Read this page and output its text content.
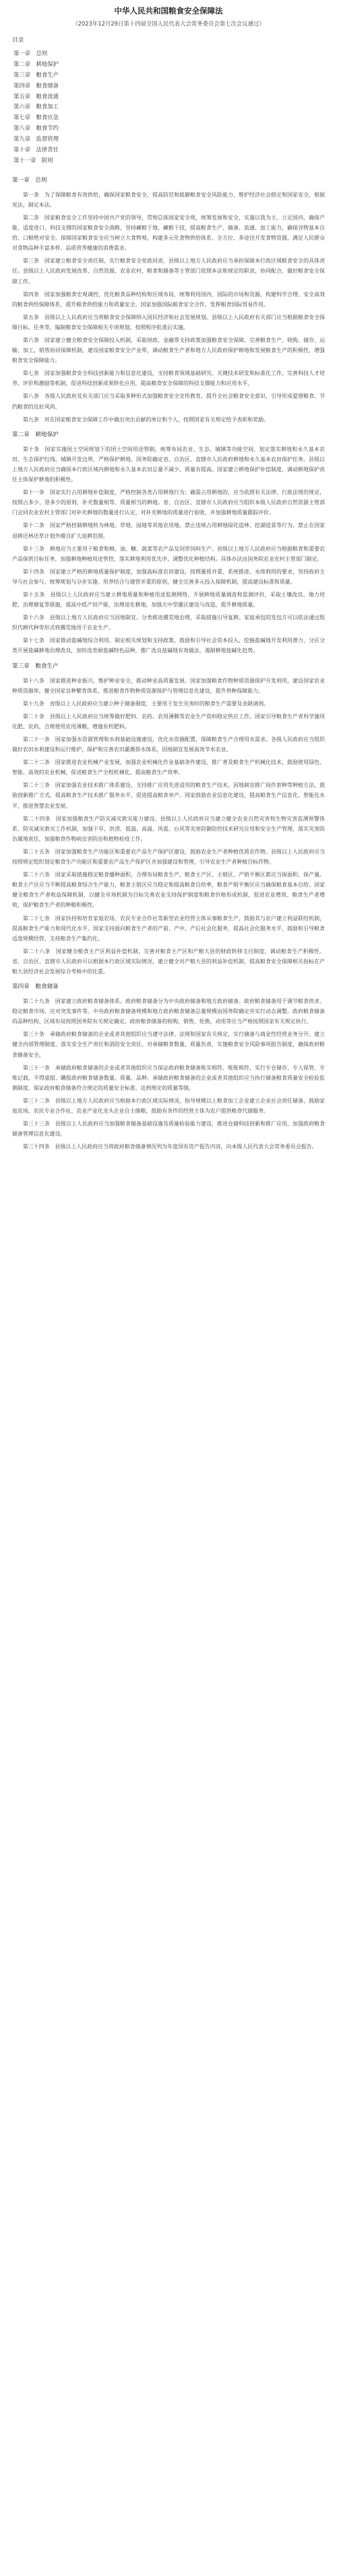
中华人民共和国粮食安全保障法
（2023年12月29日第十四届全国人民代表大会常务委员会第七次会议通过）
目录
第一章　总则
第二章　耕地保护
第三章　粮食生产
第四章　粮食储备
第五章　粮食流通
第六章　粮食加工
第七章　粮食应急
第八章　粮食节约
第九章　监督管理
第十章　法律责任
第十一章　附则
第一章　总则

第一条　 为了保障粮食有效供给，确保国家粮食安全，提高防范和抵御粮食安全风险能力，维护经济社会稳定和国家安全，根据宪法，制定本法。

第二条　 国家粮食安全工作坚持中国共产党的领导，贯彻总体国家安全观，统筹发展和安全，实施以我为主、立足国内、确保产能、适度进口、科技支撑的国家粮食安全战略，坚持藏粮于地、藏粮于技，提高粮食生产、储备、流通、加工能力，确保谷物基本自给、口粮绝对安全。保障国家粮食安全应当树立大食物观，构建多元化食物供给体系，全方位、多途径开发食物资源，满足人民群众对食物品种丰富多样、品质营养健康的消费需求。

第三条　 国家建立粮食安全责任制，实行粮食安全党政同责。县级以上地方人民政府应当承担保障本行政区域粮食安全的具体责任。县级以上人民政府发展改革、自然资源、农业农村、粮食和储备等主管部门依照本法和规定的职责，协同配合，做好粮食安全保障工作。

第四条　 国家加强粮食宏观调控，优化粮食品种结构和区域布局，统筹利用国内、国际的市场和资源，构建科学合理、安全高效的粮食供给保障体系，提升粮食供给能力和质量安全。国家加强国际粮食安全合作，发挥粮食国际贸易作用。

第五条　 县级以上人民政府应当将粮食安全保障纳入国民经济和社会发展规划。县级以上人民政府有关部门应当根据粮食安全保障目标、任务等，编制粮食安全保障相关专项规划，按照程序批准后实施。

第六条　 国家建立健全粮食安全保障投入机制，采取财政、金融等支持政策加强粮食安全保障，完善粮食生产、收购、储存、运输、加工、销售协同保障机制，建设国家粮食安全产业带，调动粮食生产者和地方人民政府保护耕地和发展粮食生产的积极性，增强粮食安全保障能力。

第七条　 国家加强粮食安全科技创新能力和信息化建设，支持粮食领域基础研究、关键技术研发和标准化工作，完善科技人才培养、评价和激励等机制，促进科技创新成果转化应用，提高粮食安全保障的科技支撑能力和应用水平。

第八条　 各级人民政府及有关部门应当采取多种形式加强粮食安全宣传教育，提升全社会粮食安全意识，引导形成爱惜粮食、节约粮食的良好风尚。

第九条　 对在国家粮食安全保障工作中做出突出贡献的单位和个人，按照国家有关规定给予表彰和奖励。

第二章　耕地保护

第十条　 国家实施国土空间规划下的国土空间用途管制，统筹布局农业、生态、城镇等功能空间，划定落实耕地和永久基本农田、生态保护红线、城镇开发边界，严格保护耕地。国务院确定省、自治区、直辖市人民政府耕地和永久基本农田保护任务。县级以上地方人民政府应当确保本行政区域内耕地和永久基本农田总量不减少、质量有提高。国家建立耕地保护补偿制度，调动耕地保护责任主体保护耕地的积极性。

第十一条　 国家实行占用耕地补偿制度，严格控制各类占用耕地行为；确需占用耕地的，应当依照有关法律、行政法规的规定，按照占多少、垦多少的原则，补充数量相等、质量相当的耕地。省、自治区、直辖市人民政府应当组织本级人民政府自然资源主管部门会同农业农村主管部门对补充耕地的数量进行认定、对补充耕地的质量进行验收，并加强耕地质量跟踪评价。

第十二条　 国家严格控制耕地转为林地、草地、园地等其他农用地。禁止违规占用耕地绿化造林、挖湖造景等行为。禁止在国家退耕还林还草计划外擅自扩大退耕范围。

第十三条　 耕地应当主要用于粮食和棉、油、糖、蔬菜等农产品及饲草饲料生产。县级以上地方人民政府应当根据粮食和重要农产品保供目标任务，加强耕地种植用途管控，落实耕地利用优先序，调整优化种植结构。具体办法由国务院农业农村主管部门制定。

第十四条　 国家建立严格的耕地质量保护制度，加强高标准农田建设，按照量质并重、系统推进、永续利用的要求，坚持政府主导与社会参与、统筹规划与分步实施、用养结合与建管并重的原则，健全完善多元投入保障机制，提高建设标准和质量。

第十五条　 县级以上人民政府应当建立耕地质量和种植用途监测网络，开展耕地质量调查和监测评价，采取土壤改良、地力培肥、治理修复等措施，提高中低产田产能，治理退化耕地，加强大中型灌区建设与改造，提升耕地质量。

第十六条　 县级以上地方人民政府应当因地制宜、分类推进撂荒地治理，采取措施引导复耕。家庭承包的发包方可以依法通过组织代耕代种等形式将撂荒地用于农业生产。

第十七条　 国家推动盐碱地综合利用，制定相关规划和支持政策，鼓励和引导社会资本投入，挖掘盐碱地开发利用潜力，分区分类开展盐碱耕地治理改良，加快选育耐盐碱特色品种，推广改良盐碱地有效做法，遏制耕地盐碱化趋势。

第三章　粮食生产

第十八条　 国家推进种业振兴，维护种业安全，推动种业高质量发展。国家加强粮食作物种质资源保护开发利用，建设国家农业种质资源库，健全国家良种繁育体系，推进粮食作物种质资源保护与管理信息化建设，提升供种保障能力。

第十九条　 省级以上人民政府应当建立种子储备制度，主要用于发生灾害时的粮食生产需要及余缺调剂。

第二十条　 县级以上人民政府应当统筹做好肥料、农药、农用薄膜等农业生产资料稳定供应工作。国家引导粮食生产者科学施用化肥、农药，合理使用农用薄膜，增施有机肥料。

第二十一条　 国家加强水资源管理和水利基础设施建设，优化水资源配置，保障粮食生产合理用水需求。各级人民政府应当组织做好农田水利建设和运行维护，保护和完善农田灌溉排水体系，因地制宜发展高效节水农业。

第二十二条　 国家推进农业机械产业发展，加强农业机械化作业基础条件建设，推广普及粮食生产机械化技术，鼓励使用绿色、智能、高效的农业机械，促进粮食生产全程机械化，提高粮食生产效率。

第二十三条　 国家加强农业技术推广体系建设，支持推广应用先进适用的粮食生产技术，因地制宜推广间作套种等种植方法，鼓励创新推广方式，提高粮食生产技术推广服务水平，促进提高粮食单产。国家鼓励农业信息化建设，提高粮食生产信息化、智能化水平，推进智慧农业发展。

第二十四条　 国家加强粮食生产防灾减灾救灾能力建设。县级以上人民政府应当建立健全农业自然灾害和生物灾害监测预警体系、防灾减灾救灾工作机制，加强干旱、洪涝、低温、高温、风雹、台风等灾害防御防控技术研究应用和安全生产管理，落实灾害防治属地责任，加强粮食作物病虫害防治和植物检疫工作。

第二十五条　 国家加强粮食生产功能区和重要农产品生产保护区建设，鼓励农业生产者种植优质农作物。县级以上人民政府应当按照规定组织划定粮食生产功能区和重要农产品生产保护区并加强建设和管理，引导农业生产者种植目标作物。

第二十六条　 国家采取措施稳定粮食播种面积，合理布局粮食生产，粮食主产区、主销区、产销平衡区都应当保面积、保产量。粮食主产区应当不断提高粮食综合生产能力，粮食主销区应当稳定和提高粮食自给率，粮食产销平衡区应当确保粮食基本自给。国家健全粮食生产者收益保障机制，以健全市场机制为目标完善农业支持保护制度和粮食价格形成机制，促进农业增效、粮食生产者增收，保护粮食生产者的种粮积极性。

第二十七条　 国家扶持和培育家庭农场、农民专业合作社等新型农业经营主体从事粮食生产，鼓励其与农户建立利益联结机制，提高粮食生产能力和现代化水平。国家支持面向粮食生产者的产前、产中、产后社会化服务，提高社会化服务水平，鼓励和引导粮食适度规模经营，支持粮食生产集约化。

第二十八条　 国家健全粮食主产区利益补偿机制，完善对粮食主产区和产粮大县的财政转移支付制度，调动粮食生产积极性。省、自治区、直辖市人民政府可以根据本行政区域实际情况，建立健全对产粮大县的利益补偿机制，提高粮食安全保障相关指标在产粮大县经济社会发展综合考核中的比重。

第四章　粮食储备

第二十九条　 国家建立政府粮食储备体系。政府粮食储备分为中央政府储备和地方政府储备。政府粮食储备用于调节粮食供求、稳定粮食市场、应对突发事件等。中央政府粮食储备规模和地方政府粮食储备总量规模由国务院确定并实行动态调整。政府粮食储备的品种结构、区域布局按照国务院有关规定确定。政府粮食储备的收购、销售、轮换、动用等应当严格按照国家有关规定执行。

第三十条　 承储政府粮食储备的企业或者其他组织应当遵守法律、法规和国家有关规定，实行储备与商业性经营业务分开，建立健全内部管理制度，落实安全生产责任和消防安全责任，对承储粮食数量、质量负责，实施粮食安全风险事项报告制度，确保政府粮食储备安全。

第三十一条　 承储政府粮食储备的企业或者其他组织应当保证政府粮食储备账实相符、账账相符，实行专仓储存、专人保管、专账记载，不得虚报、瞒报政府粮食储备数量、质量、品种。承储政府粮食储备的企业或者其他组织应当执行储备粮食质量安全检验监测制度，保证政府粮食储备符合规定的质量安全标准、达到规定的质量等级。

第三十二条　 县级以上地方人民政府应当根据本行政区域实际情况，指导规模以上粮食加工企业建立企业社会责任储备，鼓励家庭农场、农民专业合作社、农业产业化龙头企业自主储粮，鼓励有条件的经营主体为农户提供粮食代储服务。

第三十三条　 县级以上人民政府应当加强粮食储备基础设施及质量检验能力建设，推进仓储科技创新和推广应用，加强政府粮食储备管理信息化建设。

第三十四条　 县级以上人民政府应当将政府粮食储备情况列为年度国有资产报告内容，向本级人民代表大会常务委员会报告。
